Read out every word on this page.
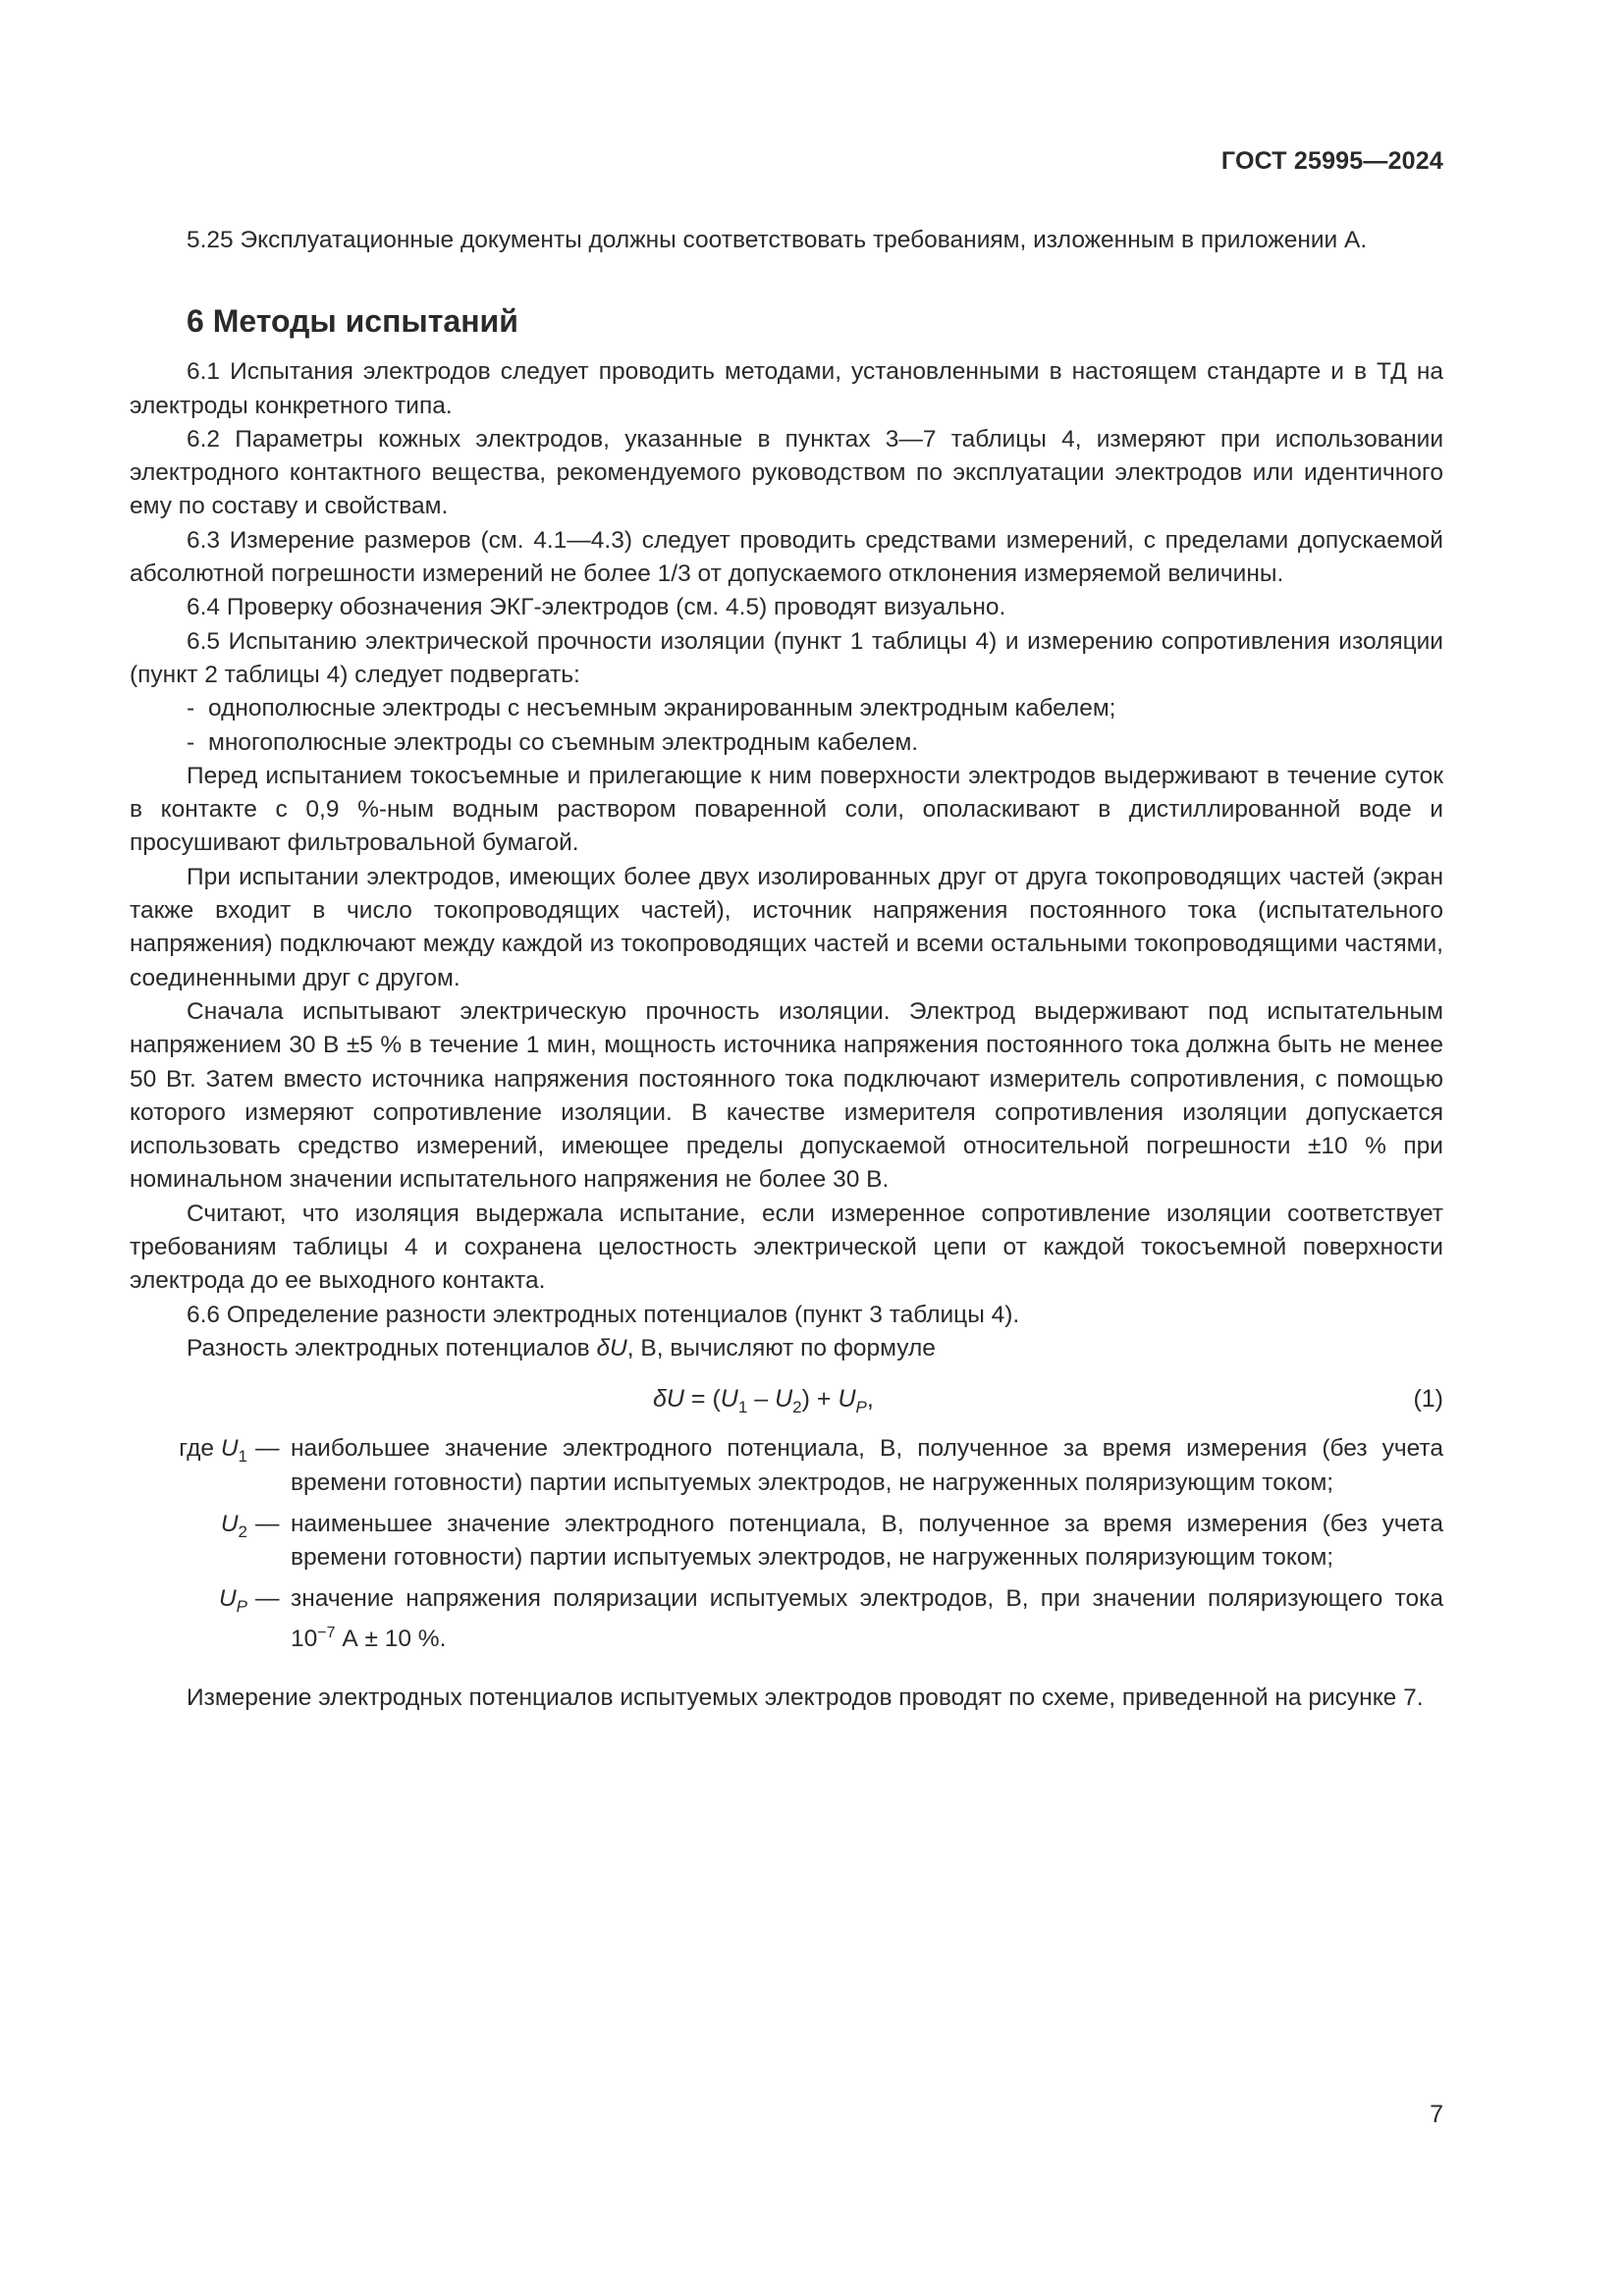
ГОСТ 25995—2024

5.25 Эксплуатационные документы должны соответствовать требованиям, изложенным в приложении А.

6 Методы испытаний

6.1 Испытания электродов следует проводить методами, установленными в настоящем стандарте и в ТД на электроды конкретного типа.

6.2 Параметры кожных электродов, указанные в пунктах 3—7 таблицы 4, измеряют при использовании электродного контактного вещества, рекомендуемого руководством по эксплуатации электродов или идентичного ему по составу и свойствам.

6.3 Измерение размеров (см. 4.1—4.3) следует проводить средствами измерений, с пределами допускаемой абсолютной погрешности измерений не более 1/3 от допускаемого отклонения измеряемой величины.

6.4 Проверку обозначения ЭКГ-электродов (см. 4.5) проводят визуально.

6.5 Испытанию электрической прочности изоляции (пункт 1 таблицы 4) и измерению сопротивления изоляции (пункт 2 таблицы 4) следует подвергать:

- однополюсные электроды с несъемным экранированным электродным кабелем;
- многополюсные электроды со съемным электродным кабелем.

Перед испытанием токосъемные и прилегающие к ним поверхности электродов выдерживают в течение суток в контакте с 0,9 %-ным водным раствором поваренной соли, ополаскивают в дистиллированной воде и просушивают фильтровальной бумагой.

При испытании электродов, имеющих более двух изолированных друг от друга токопроводящих частей (экран также входит в число токопроводящих частей), источник напряжения постоянного тока (испытательного напряжения) подключают между каждой из токопроводящих частей и всеми остальными токопроводящими частями, соединенными друг с другом.

Сначала испытывают электрическую прочность изоляции. Электрод выдерживают под испытательным напряжением 30 В ±5 % в течение 1 мин, мощность источника напряжения постоянного тока должна быть не менее 50 Вт. Затем вместо источника напряжения постоянного тока подключают измеритель сопротивления, с помощью которого измеряют сопротивление изоляции. В качестве измерителя сопротивления изоляции допускается использовать средство измерений, имеющее пределы допускаемой относительной погрешности ±10 % при номинальном значении испытательного напряжения не более 30 В.

Считают, что изоляция выдержала испытание, если измеренное сопротивление изоляции соответствует требованиям таблицы 4 и сохранена целостность электрической цепи от каждой токосъемной поверхности электрода до ее выходного контакта.

6.6 Определение разности электродных потенциалов (пункт 3 таблицы 4).

Разность электродных потенциалов δU, В, вычисляют по формуле

$\delta U = (U_1 - U_2) + U_P$,	(1)
где $U_1$ — наибольшее значение электродного потенциала, В, полученное за время измерения (без учета времени готовности) партии испытуемых электродов, не нагруженных поляризующим током;
$U_2$ — наименьшее значение электродного потенциала, В, полученное за время измерения (без учета времени готовности) партии испытуемых электродов, не нагруженных поляризующим током;
$U_P$ — значение напряжения поляризации испытуемых электродов, В, при значении поляризующего тока $10^{-7}$ А ± 10 %.

Измерение электродных потенциалов испытуемых электродов проводят по схеме, приведенной на рисунке 7.

7
